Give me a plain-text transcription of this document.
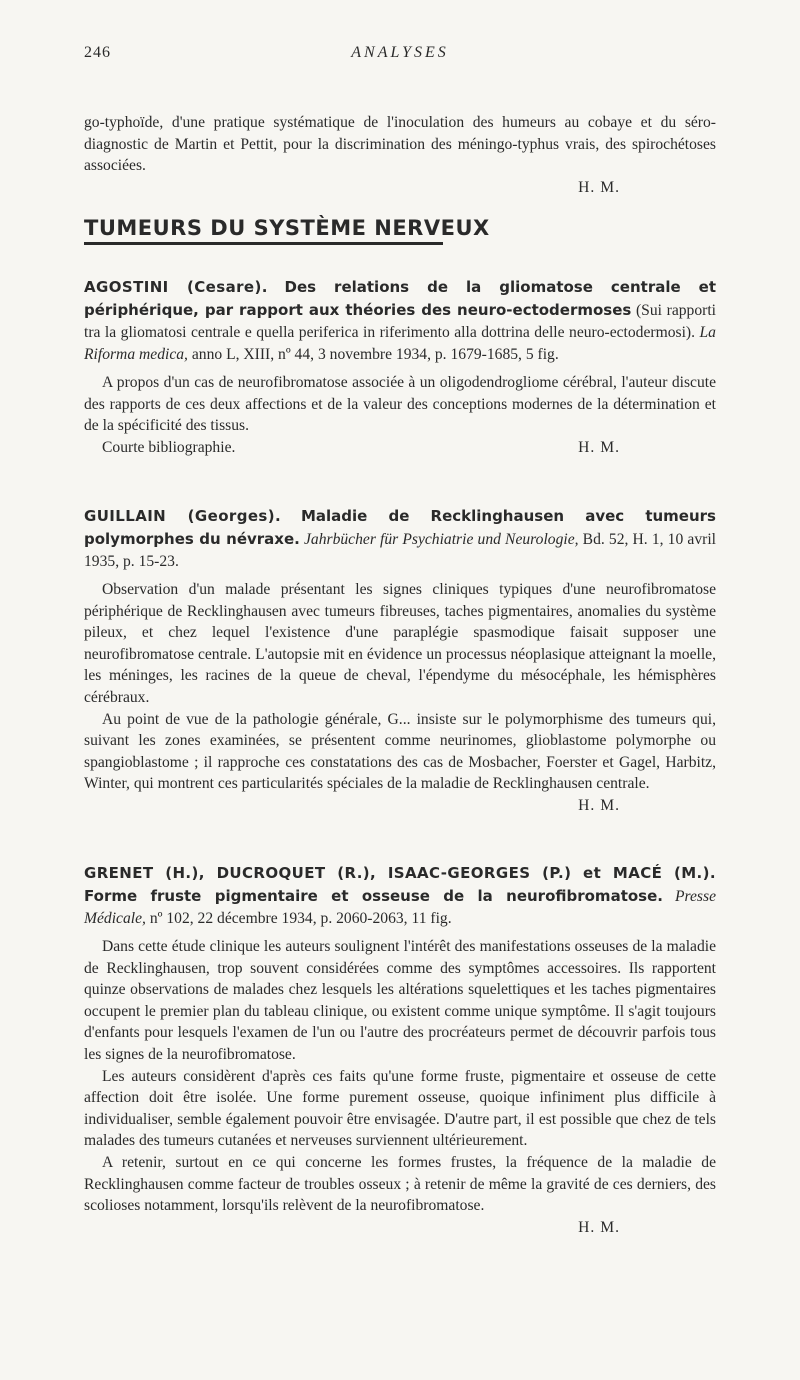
246	ANALYSES

go-typhoïde, d'une pratique systématique de l'inoculation des humeurs au cobaye et du séro-diagnostic de Martin et Pettit, pour la discrimination des méningo-typhus vrais, des spirochétoses associées.

H. M.

TUMEURS DU SYSTÈME NERVEUX

AGOSTINI (Cesare). Des relations de la gliomatose centrale et périphérique, par rapport aux théories des neuro-ectodermoses (Sui rapporti tra la gliomatosi centrale e quella periferica in riferimento alla dottrina delle neuro-ectodermosi). La Riforma medica, anno L, XIII, nº 44, 3 novembre 1934, p. 1679-1685, 5 fig.

A propos d'un cas de neurofibromatose associée à un oligodendrogliome cérébral, l'auteur discute des rapports de ces deux affections et de la valeur des conceptions modernes de la détermination et de la spécificité des tissus.

Courte bibliographie.	H. M.

GUILLAIN (Georges). Maladie de Recklinghausen avec tumeurs polymorphes du névraxe. Jahrbücher für Psychiatrie und Neurologie, Bd. 52, H. 1, 10 avril 1935, p. 15-23.

Observation d'un malade présentant les signes cliniques typiques d'une neurofibromatose périphérique de Recklinghausen avec tumeurs fibreuses, taches pigmentaires, anomalies du système pileux, et chez lequel l'existence d'une paraplégie spasmodique faisait supposer une neurofibromatose centrale. L'autopsie mit en évidence un processus néoplasique atteignant la moelle, les méninges, les racines de la queue de cheval, l'épendyme du mésocéphale, les hémisphères cérébraux.

Au point de vue de la pathologie générale, G... insiste sur le polymorphisme des tumeurs qui, suivant les zones examinées, se présentent comme neurinomes, glioblastome polymorphe ou spangioblastome ; il rapproche ces constatations des cas de Mosbacher, Foerster et Gagel, Harbitz, Winter, qui montrent ces particularités spéciales de la maladie de Recklinghausen centrale.

H. M.

GRENET (H.), DUCROQUET (R.), ISAAC-GEORGES (P.) et MACÉ (M.). Forme fruste pigmentaire et osseuse de la neurofibromatose. Presse Médicale, nº 102, 22 décembre 1934, p. 2060-2063, 11 fig.

Dans cette étude clinique les auteurs soulignent l'intérêt des manifestations osseuses de la maladie de Recklinghausen, trop souvent considérées comme des symptômes accessoires. Ils rapportent quinze observations de malades chez lesquels les altérations squelettiques et les taches pigmentaires occupent le premier plan du tableau clinique, ou existent comme unique symptôme. Il s'agit toujours d'enfants pour lesquels l'examen de l'un ou l'autre des procréateurs permet de découvrir parfois tous les signes de la neurofibromatose.

Les auteurs considèrent d'après ces faits qu'une forme fruste, pigmentaire et osseuse de cette affection doit être isolée. Une forme purement osseuse, quoique infiniment plus difficile à individualiser, semble également pouvoir être envisagée. D'autre part, il est possible que chez de tels malades des tumeurs cutanées et nerveuses surviennent ultérieurement.

A retenir, surtout en ce qui concerne les formes frustes, la fréquence de la maladie de Recklinghausen comme facteur de troubles osseux ; à retenir de même la gravité de ces derniers, des scolioses notamment, lorsqu'ils relèvent de la neurofibromatose.

H. M.
